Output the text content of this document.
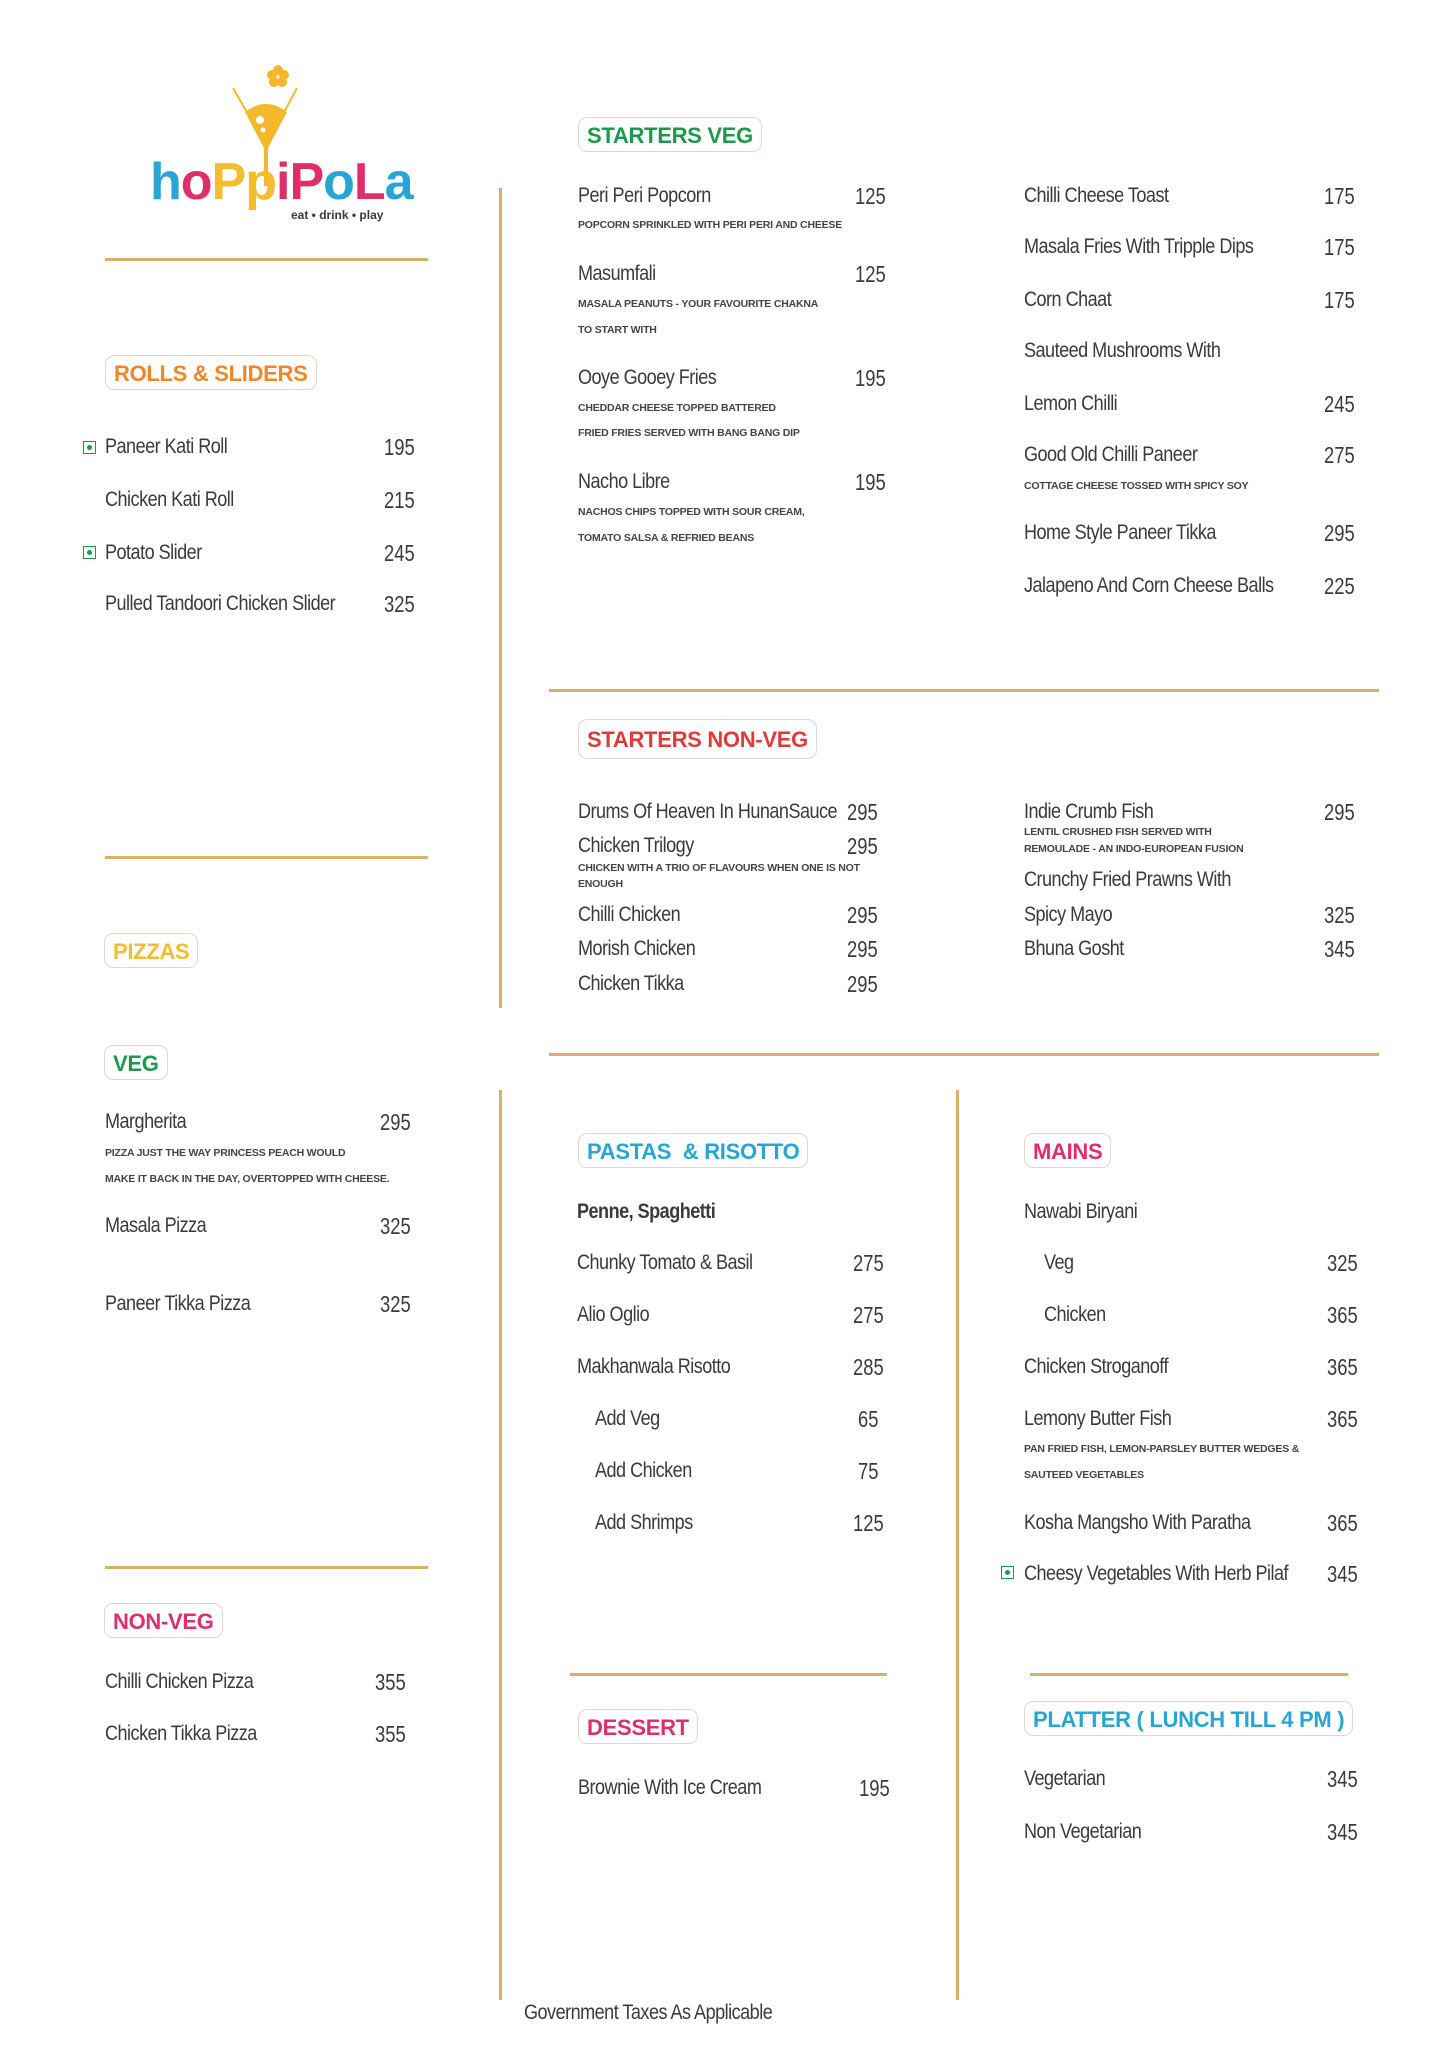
hoPpiPoLa
eat • drink • play
ROLLS & SLIDERS
Paneer Kati Roll	195
Chicken Kati Roll	215
Potato Slider	245
Pulled Tandoori Chicken Slider 325
STARTERS VEG
Peri Peri Popcorn	125
POPCORN SPRINKLED WITH PERI PERI AND CHEESE
Masumfali	125
MASALA PEANUTS - YOUR FAVOURITE CHAKNA
TO START WITH
Ooye Gooey Fries	195
CHEDDAR CHEESE TOPPED BATTERED
FRIED FRIES SERVED WITH BANG BANG DIP
Nacho Libre	195
NACHOS CHIPS TOPPED WITH SOUR CREAM,
TOMATO SALSA & REFRIED BEANS
Chilli Cheese Toast	175
Masala Fries With Tripple Dips	175
Corn Chaat	175
Sauteed Mushrooms With
Lemon Chilli	245
Good Old Chilli Paneer	275
COTTAGE CHEESE TOSSED WITH SPICY SOY
Home Style Paneer Tikka	295
Jalapeno And Corn Cheese Balls 225
STARTERS NON-VEG
Drums Of Heaven In HunanSauce 295
Chicken Trilogy	295
CHICKEN WITH A TRIO OF FLAVOURS WHEN ONE IS NOT
ENOUGH
Chilli Chicken	295
Morish Chicken	295
Chicken Tikka	295
Indie Crumb Fish	295
LENTIL CRUSHED FISH SERVED WITH
REMOULADE - AN INDO-EUROPEAN FUSION
Crunchy Fried Prawns With
Spicy Mayo	325
Bhuna Gosht	345
PIZZAS
VEG
Margherita	295
PIZZA JUST THE WAY PRINCESS PEACH WOULD
MAKE IT BACK IN THE DAY, OVERTOPPED WITH CHEESE.
Masala Pizza	325
Paneer Tikka Pizza	325
NON-VEG
Chilli Chicken Pizza	355
Chicken Tikka Pizza	355
PASTAS  & RISOTTO
Penne, Spaghetti
Chunky Tomato & Basil	275
Alio Oglio	275
Makhanwala Risotto	285
Add Veg	65
Add Chicken	75
Add Shrimps	125
MAINS
Nawabi Biryani
Veg	325
Chicken	365
Chicken Stroganoff	365
Lemony Butter Fish	365
PAN FRIED FISH, LEMON-PARSLEY BUTTER WEDGES &
SAUTEED VEGETABLES
Kosha Mangsho With Paratha	365
Cheesy Vegetables With Herb Pilaf 345
DESSERT
Brownie With Ice Cream	195
PLATTER ( LUNCH TILL 4 PM )
Vegetarian	345
Non Vegetarian	345
Government Taxes As Applicable
